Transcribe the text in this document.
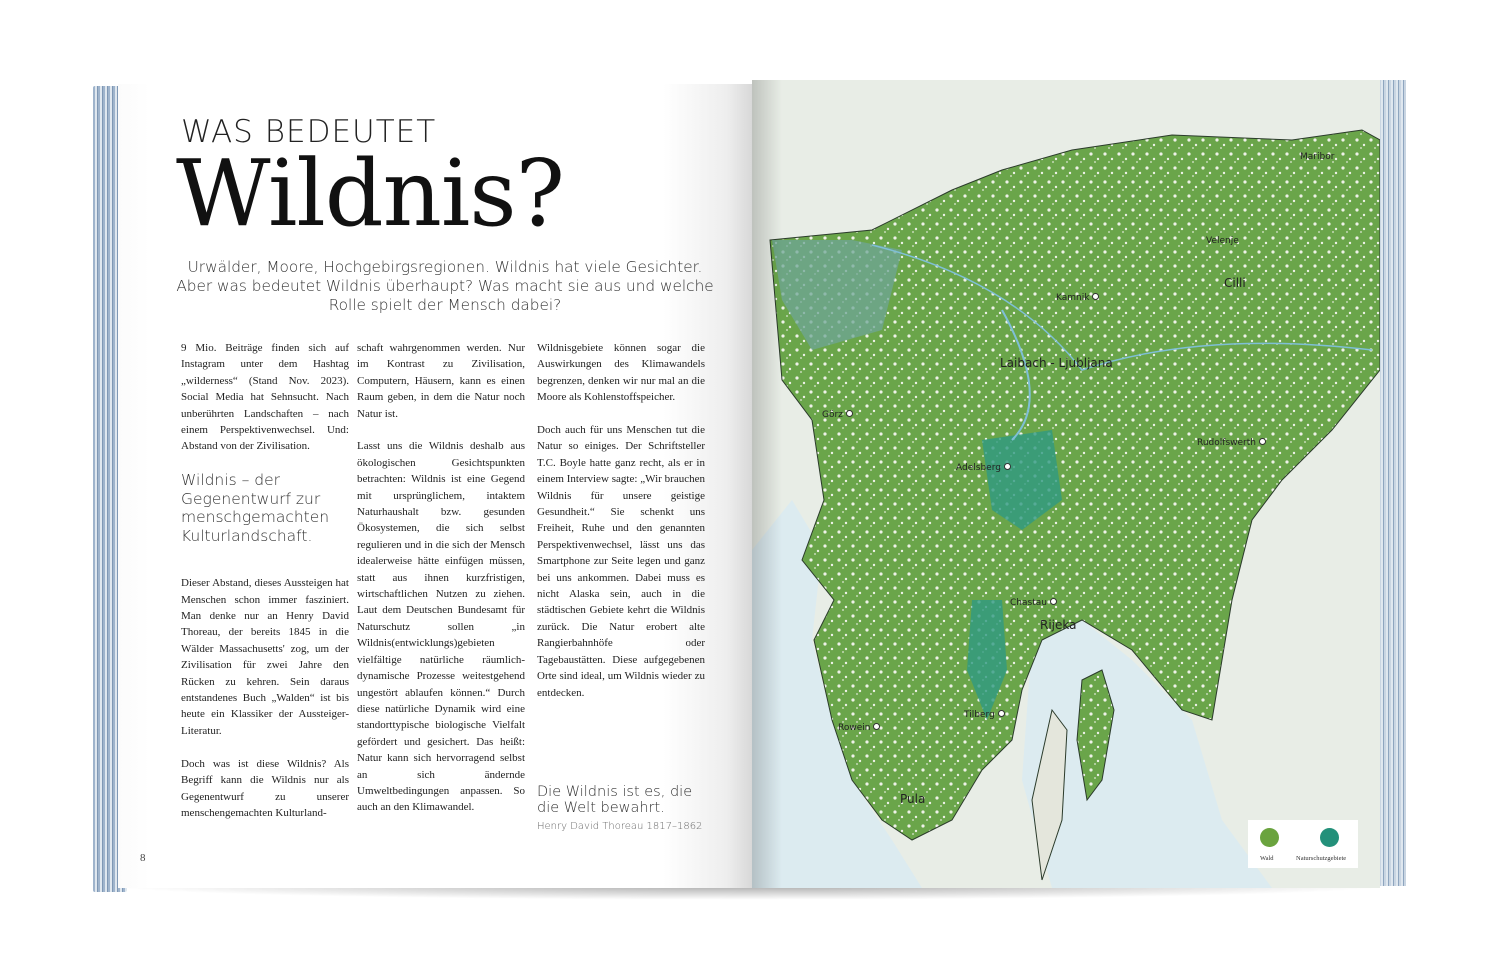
WAS BEDEUTET
Wildnis?
Urwälder, Moore, Hochgebirgsregionen. Wildnis hat viele Gesichter. Aber was bedeutet Wildnis überhaupt? Was macht sie aus und welche Rolle spielt der Mensch dabei?

9 Mio. Beiträge finden sich auf Instagram unter dem Hashtag „wilderness“ (Stand Nov. 2023). Social Media hat Sehnsucht. Nach unberührten Landschaften – nach einem Perspektivenwechsel. Und: Abstand von der Zivilisation.

Wildnis – der Gegenentwurf zur menschgemachten Kulturlandschaft.

Dieser Abstand, dieses Aussteigen hat Menschen schon immer fasziniert. Man denke nur an Henry David Thoreau, der bereits 1845 in die Wälder Massachusetts' zog, um der Zivilisation für zwei Jahre den Rücken zu kehren. Sein daraus entstandenes Buch „Walden“ ist bis heute ein Klassiker der Aussteiger-Literatur.

Doch was ist diese Wildnis? Als Begriff kann die Wildnis nur als Gegenentwurf zu unserer menschengemachten Kulturland-

schaft wahrgenommen werden. Nur im Kontrast zu Zivilisation, Computern, Häusern, kann es einen Raum geben, in dem die Natur noch Natur ist.

Lasst uns die Wildnis deshalb aus ökologischen Gesichtspunkten betrachten: Wildnis ist eine Gegend mit ursprünglichem, intaktem Naturhaushalt bzw. gesunden Ökosystemen, die sich selbst regulieren und in die sich der Mensch idealerweise hätte einfügen müssen, statt aus ihnen kurzfristigen, wirtschaftlichen Nutzen zu ziehen. Laut dem Deutschen Bundesamt für Naturschutz sollen „in Wildnis(entwicklungs)gebieten vielfältige natürliche räumlich-dynamische Prozesse weitestgehend ungestört ablaufen können.“ Durch diese natürliche Dynamik wird eine standorttypische biologische Vielfalt gefördert und gesichert. Das heißt: Natur kann sich hervorragend selbst an sich ändernde Umweltbedingungen anpassen. So auch an den Klimawandel.

Wildnisgebiete können sogar die Auswirkungen des Klimawandels begrenzen, denken wir nur mal an die Moore als Kohlenstoffspeicher.

Doch auch für uns Menschen tut die Natur so einiges. Der Schriftsteller T.C. Boyle hatte ganz recht, als er in einem Interview sagte: „Wir brauchen Wildnis für unsere geistige Gesundheit.“ Sie schenkt uns Freiheit, Ruhe und den genannten Perspektivenwechsel, lässt uns das Smartphone zur Seite legen und ganz bei uns ankommen. Dabei muss es nicht Alaska sein, auch in die städtischen Gebiete kehrt die Wildnis zurück. Die Natur erobert alte Rangierbahnhöfe oder Tagebaustätten. Diese aufgegebenen Orte sind ideal, um Wildnis wieder zu entdecken.

Die Wildnis ist es, die die Welt bewahrt.
Henry David Thoreau 1817–1862
8
Maribor
Velenje
Cilli
Kamnik
Laibach - Ljubljana
Görz
Rudolfswerth
Adelsberg
Chastau
Rijeka
Tilberg
Rowein
Pula
Wald	Naturschutzgebiete
